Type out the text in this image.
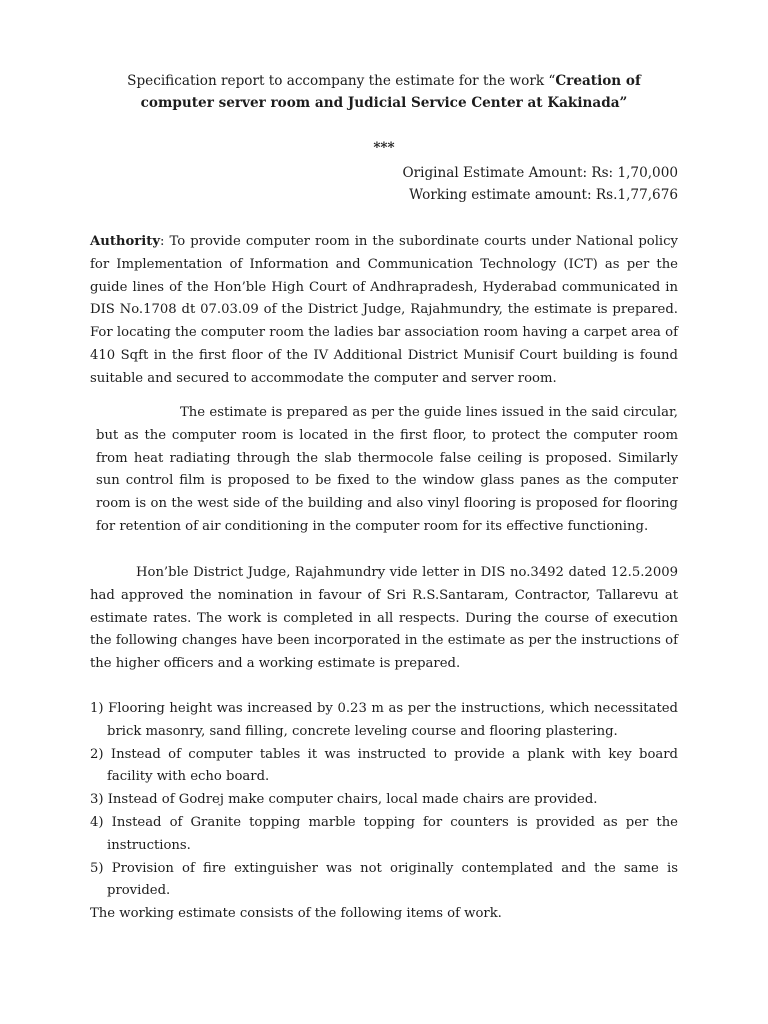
Specification report to accompany the estimate for the work “Creation of computer server room and Judicial Service Center at Kakinada”
***
Original Estimate Amount: Rs: 1,70,000
Working estimate amount: Rs.1,77,676

Authority: To provide computer room in the subordinate courts under National policy for Implementation of Information and Communication Technology (ICT) as per the guide lines of the Hon’ble High Court of Andhrapradesh, Hyderabad communicated in DIS No.1708 dt 07.03.09 of the District Judge, Rajahmundry, the estimate is prepared. For locating the computer room the ladies bar association room having a carpet area of 410 Sqft in the first floor of the IV Additional District Munisif Court building is found suitable and secured to accommodate the computer and server room.

The estimate is prepared as per the guide lines issued in the said circular, but as the computer room is located in the first floor, to protect the computer room from heat radiating through the slab thermocole false ceiling is proposed. Similarly sun control film is proposed to be fixed to the window glass panes as the computer room is on the west side of the building and also vinyl flooring is proposed for flooring for retention of air conditioning in the computer room for its effective functioning.

Hon’ble District Judge, Rajahmundry vide letter in DIS no.3492 dated 12.5.2009 had approved the nomination in favour of Sri R.S.Santaram, Contractor, Tallarevu at estimate rates. The work is completed in all respects. During the course of execution the following changes have been incorporated in the estimate as per the instructions of the higher officers and a working estimate is prepared.

1) Flooring height was increased by 0.23 m as per the instructions, which necessitated brick masonry, sand filling, concrete leveling course and flooring plastering.
2) Instead of computer tables it was instructed to provide a plank with key board facility with echo board.
3) Instead of Godrej make computer chairs, local made chairs are provided.
4) Instead of Granite topping marble topping for counters is provided as per the instructions.
5) Provision of fire extinguisher was not originally contemplated and the same is provided.

The working estimate consists of the following items of work.
